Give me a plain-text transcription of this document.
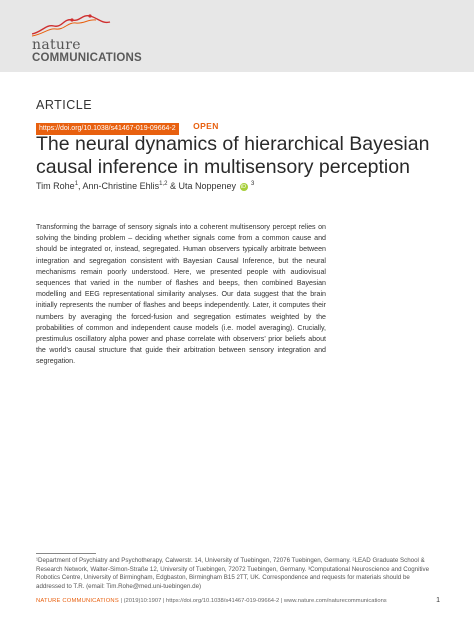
nature
COMMUNICATIONS
ARTICLE
https://doi.org/10.1038/s41467-019-09664-2 OPEN
The neural dynamics of hierarchical Bayesian causal inference in multisensory perception
Tim Rohe$^1$, Ann-Christine Ehlis$^{1,2}$ & Uta Noppeney iD $^3$

Transforming the barrage of sensory signals into a coherent multisensory percept relies on solving the binding problem – deciding whether signals come from a common cause and should be integrated or, instead, segregated. Human observers typically arbitrate between integration and segregation consistent with Bayesian Causal Inference, but the neural mechanisms remain poorly understood. Here, we presented people with audiovisual sequences that varied in the number of flashes and beeps, then combined Bayesian modelling and EEG representational similarity analyses. Our data suggest that the brain initially represents the number of flashes and beeps independently. Later, it computes their numbers by averaging the forced-fusion and segregation estimates weighted by the probabilities of common and independent cause models (i.e. model averaging). Crucially, prestimulus oscillatory alpha power and phase correlate with observers’ prior beliefs about the world’s causal structure that guide their arbitration between sensory integration and segregation.

¹Department of Psychiatry and Psychotherapy, Calwerstr. 14, University of Tuebingen, 72076 Tuebingen, Germany. ²LEAD Graduate School & Research Network, Walter-Simon-Straße 12, University of Tuebingen, 72072 Tuebingen, Germany. ³Computational Neuroscience and Cognitive Robotics Centre, University of Birmingham, Edgbaston, Birmingham B15 2TT, UK. Correspondence and requests for materials should be addressed to T.R. (email: Tim.Rohe@med.uni-tuebingen.de)

NATURE COMMUNICATIONS | (2019)10:1907 | https://doi.org/10.1038/s41467-019-09664-2 | www.nature.com/naturecommunications	1
